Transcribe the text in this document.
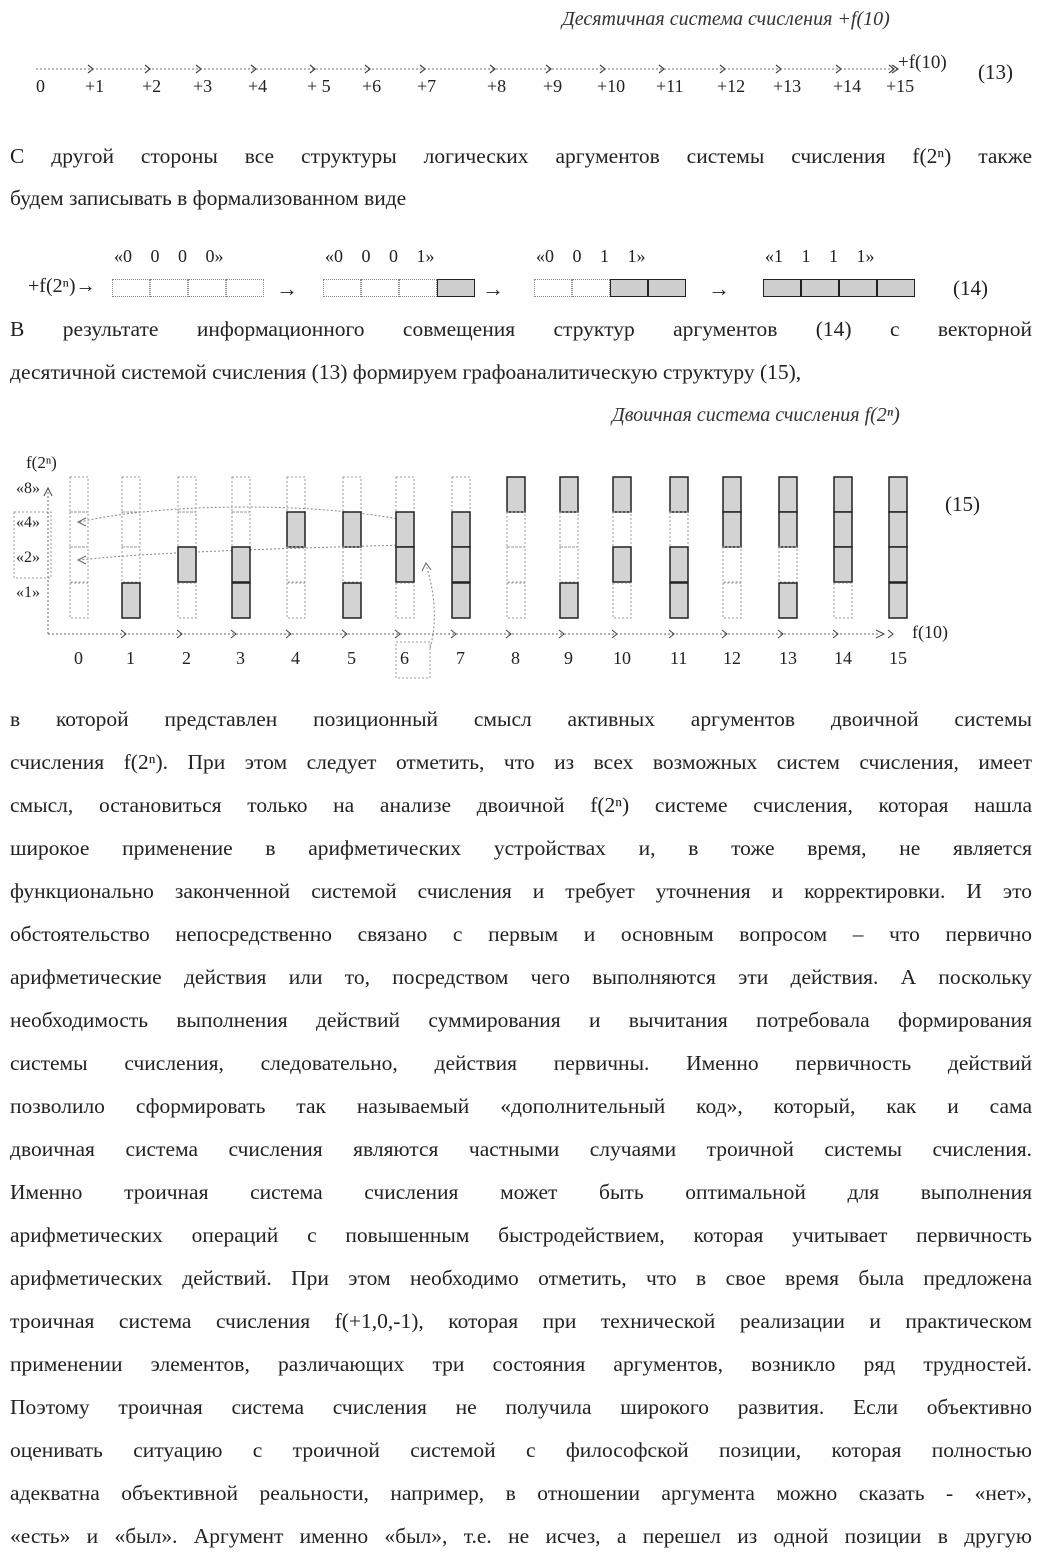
Десятичная система счисления +f(10)
+f(10) (13)
0 +1 +2 +3 +4 + 5 +6 +7	+8 +9 +10 +11 +12 +13 +14 +15
С другой стороны все структуры логических аргументов системы счисления f(2ⁿ) также
будем записывать в формализованном виде
+f(2ⁿ)→
«0 0 0 0»
→
«0 0 0 1»
→
«0 0 1 1»
→
«1 1 1 1»
(14)
В результате информационного совмещения структур аргументов (14) с векторной
десятичной системой счисления (13) формируем графоаналитическую структуру (15),
Двоичная система счисления f(2ⁿ)
f(2ⁿ)
«8»
«4»
«2»
«1»
f(10)
(15)
0 1	2	3	4	5 6	7	8 9 10 11 12 13 14 15
в которой представлен позиционный смысл активных аргументов двоичной системы
счисления f(2ⁿ). При этом следует отметить, что из всех возможных систем счисления, имеет
смысл, остановиться только на анализе двоичной f(2ⁿ) системе счисления, которая нашла
широкое применение в арифметических устройствах и, в тоже время, не является
функционально законченной системой счисления и требует уточнения и корректировки. И это
обстоятельство непосредственно связано с первым и основным вопросом – что первично
арифметические действия или то, посредством чего выполняются эти действия. А поскольку
необходимость выполнения действий суммирования и вычитания потребовала формирования
системы счисления, следовательно, действия первичны. Именно первичность действий
позволило сформировать так называемый «дополнительный код», который, как и сама
двоичная система счисления являются частными случаями троичной системы счисления.
Именно троичная система счисления может быть оптимальной для выполнения
арифметических операций с повышенным быстродействием, которая учитывает первичность
арифметических действий. При этом необходимо отметить, что в свое время была предложена
троичная система счисления f(+1,0,-1), которая при технической реализации и практическом
применении элементов, различающих три состояния аргументов, возникло ряд трудностей.
Поэтому троичная система счисления не получила широкого развития. Если объективно
оценивать ситуацию с троичной системой с философской позиции, которая полностью
адекватна объективной реальности, например, в отношении аргумента можно сказать - «нет»,
«есть» и «был». Аргумент именно «был», т.е. не исчез, а перешел из одной позиции в другую
